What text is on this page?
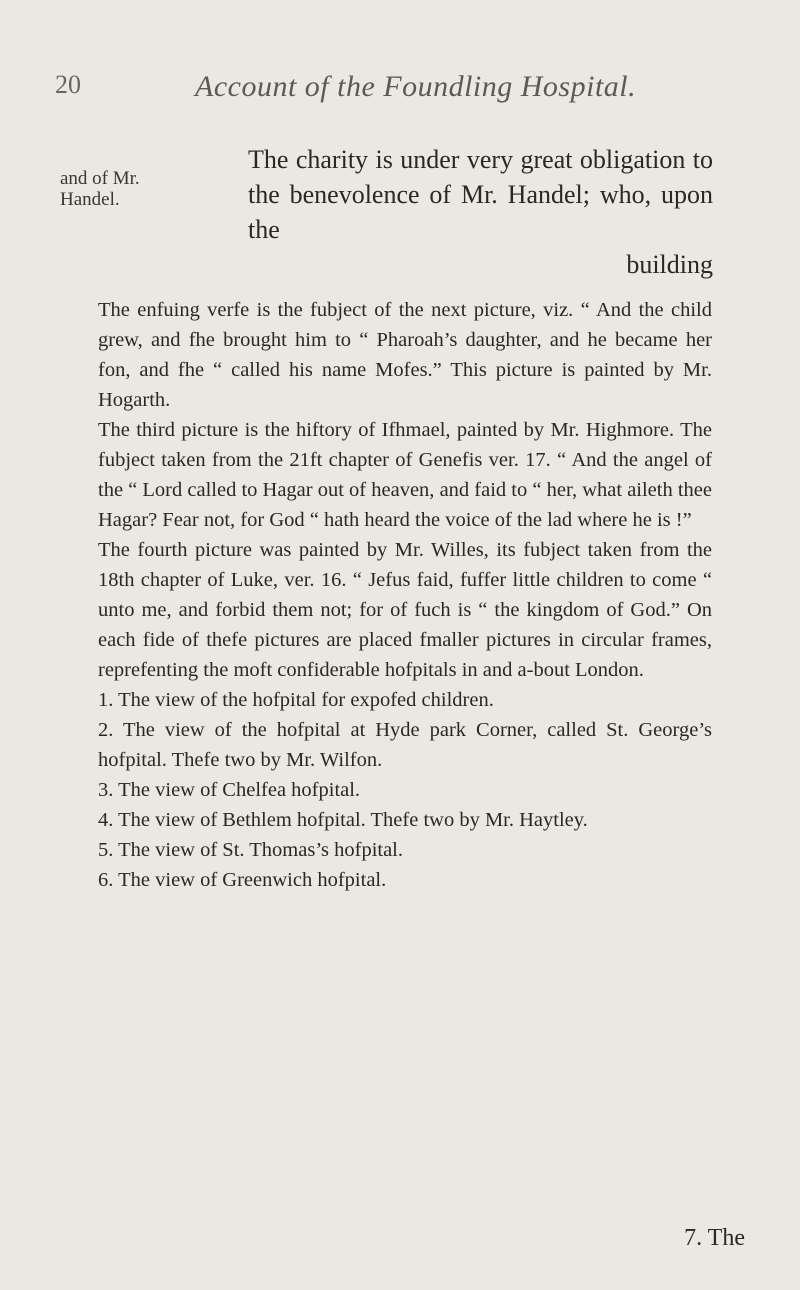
20	Account of the Foundling Hospital.
and of Mr. Handel.

The charity is under very great obligation to the benevolence of Mr. Handel; who, upon the

building

The enfuing verfe is the fubject of the next picture, viz. “ And the child grew, and fhe brought him to “ Pharoah’s daughter, and he became her fon, and fhe “ called his name Mofes.” This picture is painted by Mr. Hogarth.

The third picture is the hiftory of Ifhmael, painted by Mr. Highmore. The fubject taken from the 21ft chapter of Genefis ver. 17. “ And the angel of the “ Lord called to Hagar out of heaven, and faid to “ her, what aileth thee Hagar? Fear not, for God “ hath heard the voice of the lad where he is !”

The fourth picture was painted by Mr. Willes, its fubject taken from the 18th chapter of Luke, ver. 16. “ Jefus faid, fuffer little children to come “ unto me, and forbid them not; for of fuch is “ the kingdom of God.” On each fide of thefe pictures are placed fmaller pictures in circular frames, reprefenting the moft confiderable hofpitals in and a-bout London.

1. The view of the hofpital for expofed children.
2. The view of the hofpital at Hyde park Corner, called St. George’s hofpital. Thefe two by Mr. Wilfon.
3. The view of Chelfea hofpital.
4. The view of Bethlem hofpital. Thefe two by Mr. Haytley.
5. The view of St. Thomas’s hofpital.
6. The view of Greenwich hofpital.
7. The
